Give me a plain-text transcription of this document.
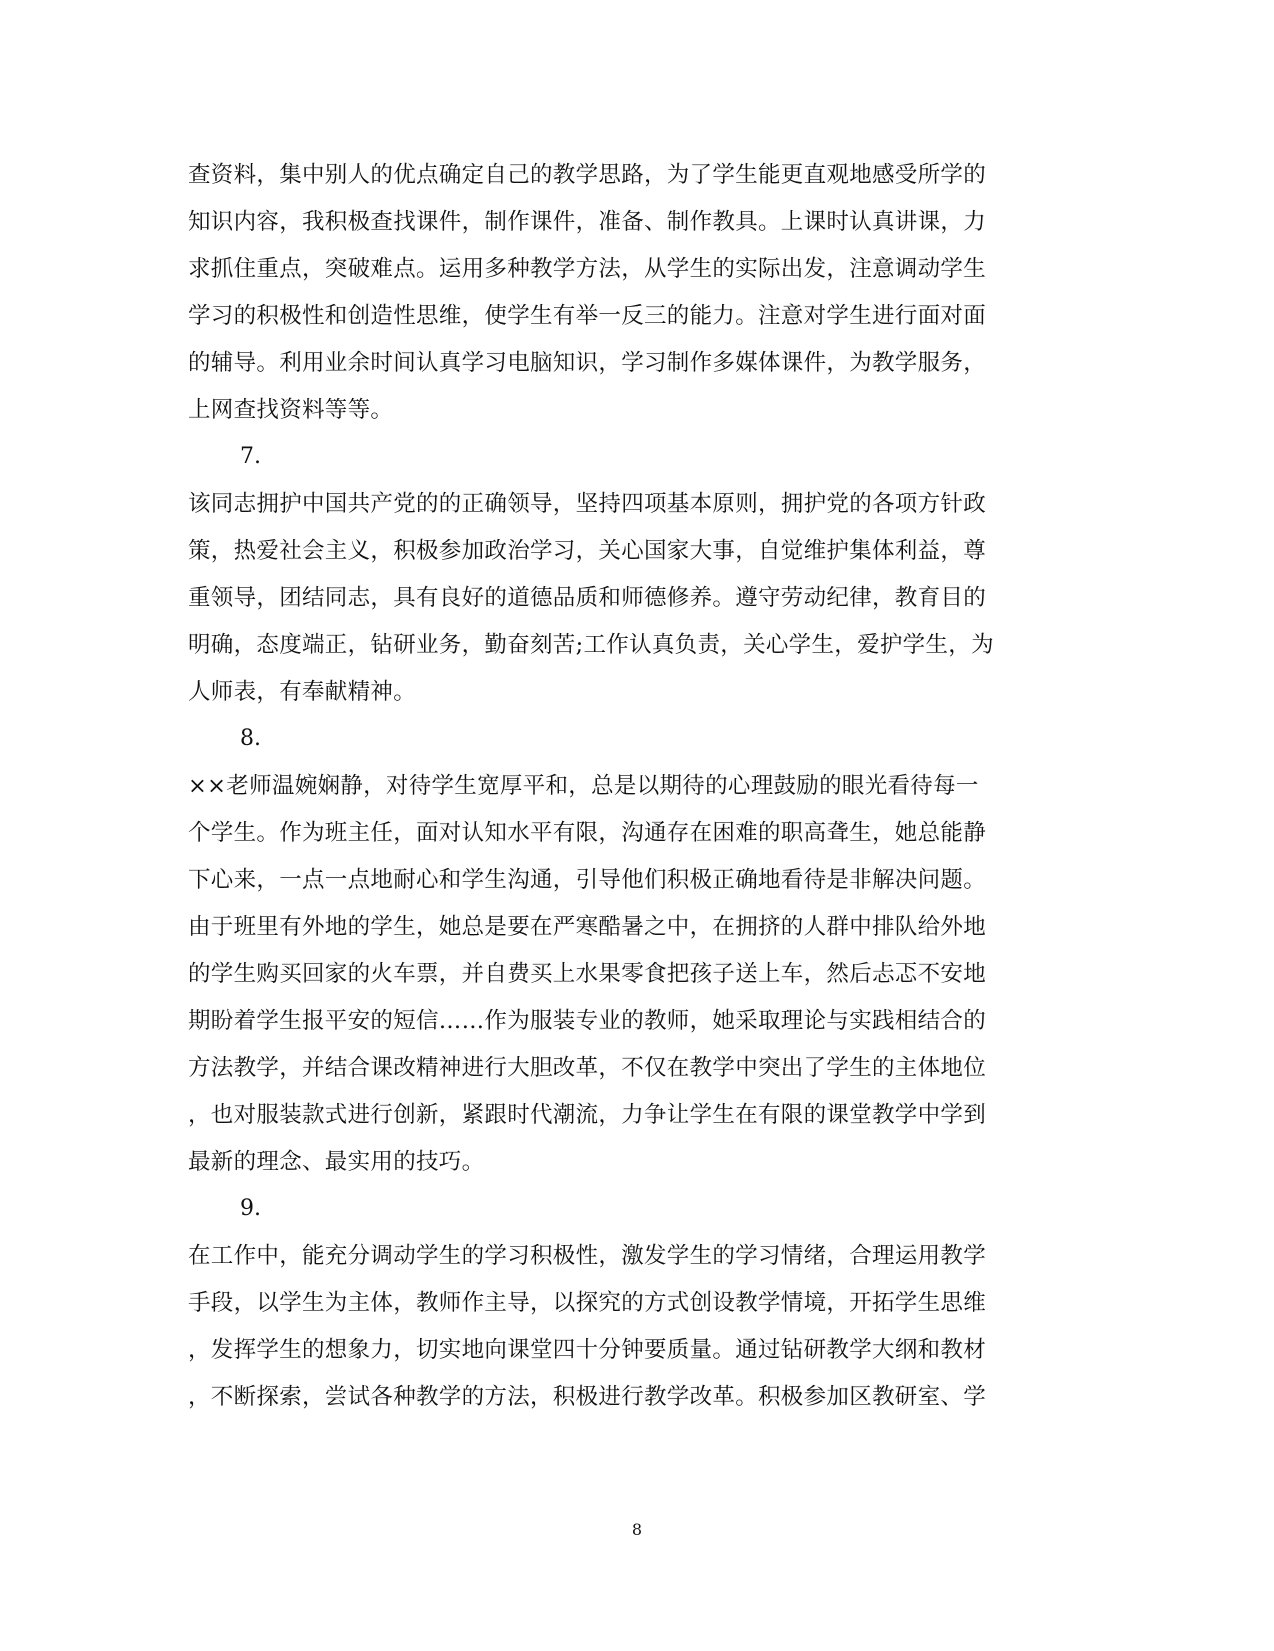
查资料，集中别人的优点确定自己的教学思路，为了学生能更直观地感受所学的
知识内容，我积极查找课件，制作课件，准备、制作教具。上课时认真讲课，力
求抓住重点，突破难点。运用多种教学方法，从学生的实际出发，注意调动学生
学习的积极性和创造性思维，使学生有举一反三的能力。注意对学生进行面对面
的辅导。利用业余时间认真学习电脑知识，学习制作多媒体课件，为教学服务，
上网查找资料等等。
7.
该同志拥护中国共产党的的正确领导，坚持四项基本原则，拥护党的各项方针政
策，热爱社会主义，积极参加政治学习，关心国家大事，自觉维护集体利益，尊
重领导，团结同志，具有良好的道德品质和师德修养。遵守劳动纪律，教育目的
明确，态度端正，钻研业务，勤奋刻苦;工作认真负责，关心学生，爱护学生，为
人师表，有奉献精神。
8.
××老师温婉娴静，对待学生宽厚平和，总是以期待的心理鼓励的眼光看待每一
个学生。作为班主任，面对认知水平有限，沟通存在困难的职高聋生，她总能静
下心来，一点一点地耐心和学生沟通，引导他们积极正确地看待是非解决问题。
由于班里有外地的学生，她总是要在严寒酷暑之中，在拥挤的人群中排队给外地
的学生购买回家的火车票，并自费买上水果零食把孩子送上车，然后忐忑不安地
期盼着学生报平安的短信……作为服装专业的教师，她采取理论与实践相结合的
方法教学，并结合课改精神进行大胆改革，不仅在教学中突出了学生的主体地位
，也对服装款式进行创新，紧跟时代潮流，力争让学生在有限的课堂教学中学到
最新的理念、最实用的技巧。
9.
在工作中，能充分调动学生的学习积极性，激发学生的学习情绪，合理运用教学
手段，以学生为主体，教师作主导，以探究的方式创设教学情境，开拓学生思维
，发挥学生的想象力，切实地向课堂四十分钟要质量。通过钻研教学大纲和教材
，不断探索，尝试各种教学的方法，积极进行教学改革。积极参加区教研室、学
8
